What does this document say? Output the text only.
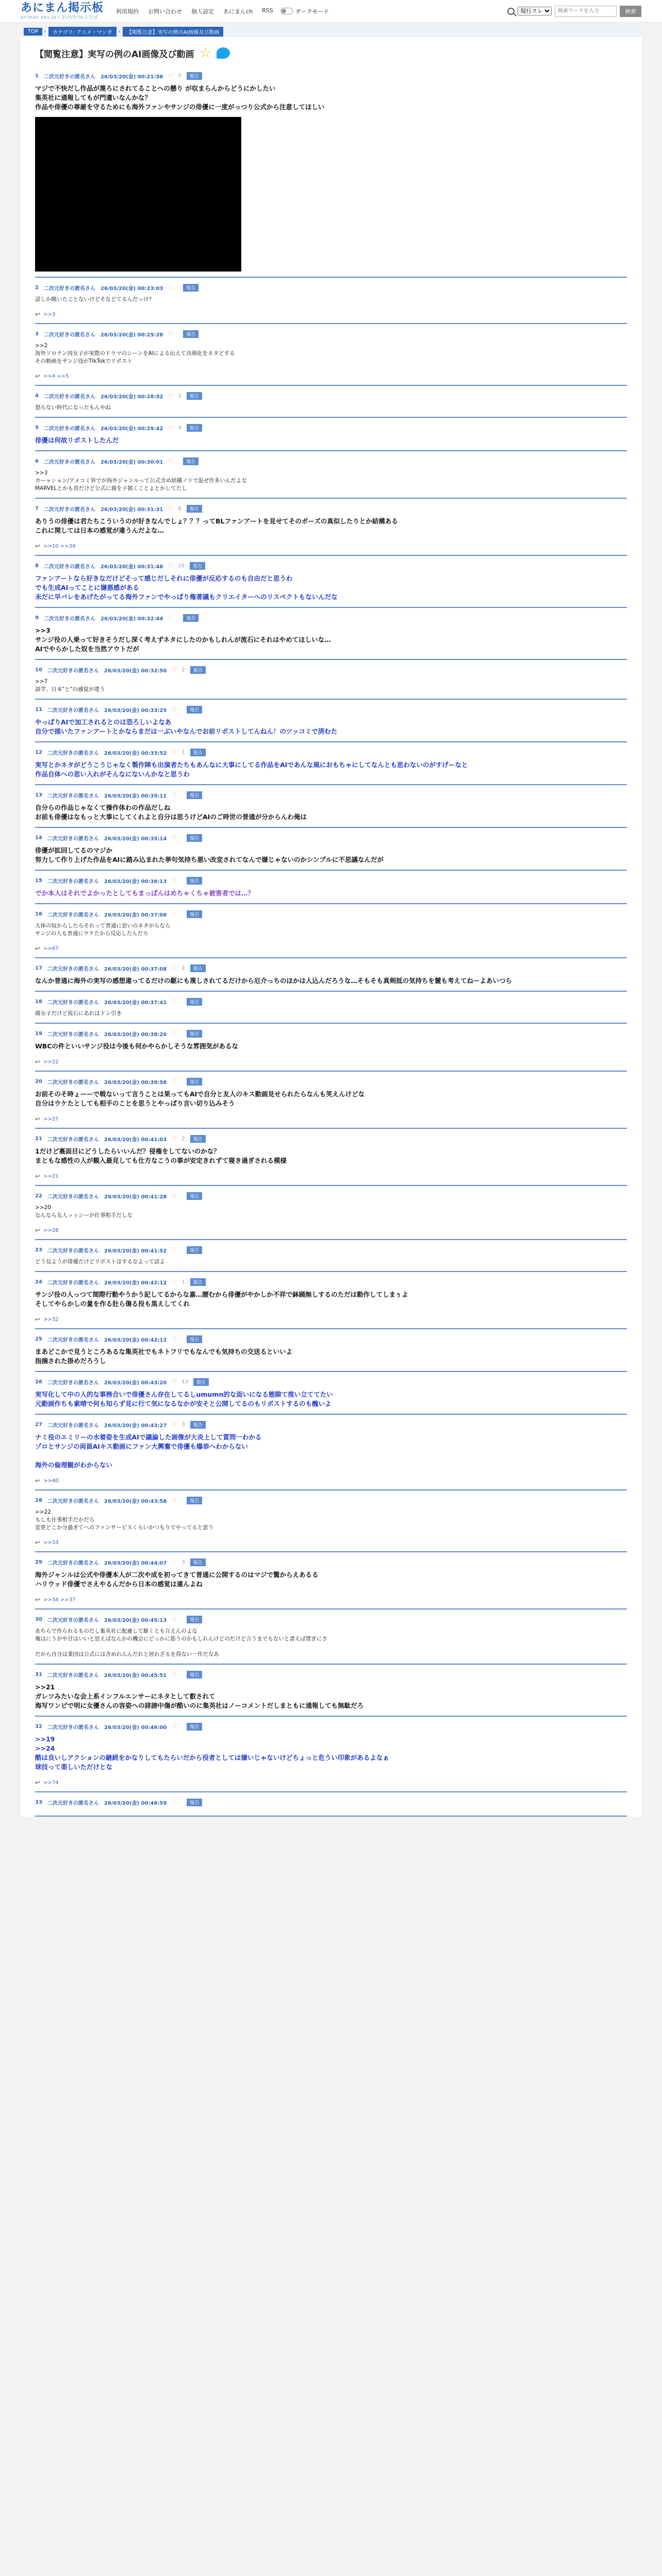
あにまん掲示板
animan bbs.jp / 2ch/5ch/ふたば
利用規約 お問い合わせ 個人設定 あにまんch RSS	ダークモード
現行スレ
検索ワードを入力	検索
TOP	›	カテゴリ: アニメ・マンガ	›	【閲覧注意】実写の例のAI画像及び動画
【閲覧注意】実写の例のAI画像及び動画 ☆
1 二次元好きの匿名さん 26/03/20(金) 00:21:56 ♡ 5	報告
マジで不快だし作品が蔑ろにされてることへの懸り が収まらんからどうにかしたい
集英社に通報してもが門遺いなんかな？
作品や俳優の尊厳を守るためにも海外ファンやサンジの俳優に一度がっつり公式から注意してほしい
2 二次元好きの匿名さん 26/03/20(金) 00:23:03 ♡	報告
話しか眺いたことないけどそなどてるんだっけ？
↩ >>3
3 二次元好きの匿名さん 26/03/20(金) 00:25:28 ♡	報告
>>2
海外ソロテン国女子が実際のドラマのシーンをAIによる伝えて具剣化をネタどする
その動画をサンジ役がTikTokでリポスト
↩ >>4 >>5
4 二次元好きの匿名さん 26/03/20(金) 00:28:52 ♡ 1	報告
怒らない時代になったもんやね
5 二次元好きの匿名さん 26/03/20(金) 00:29:42 ♡ 4	報告
俳優は何故リポストしたんだ
6 二次元好きの匿名さん 26/03/20(金) 00:30:01 ♡	報告
>>3
カーャション/アメコミ界でが海外ジャンルって公式含め結構ノリで混ぜ作多いんだよな
MARVELとかも昔だけど公式に腐を子描くことよとかしてたし
7 二次元好きの匿名さん 26/03/20(金) 00:31:31 ♡ 6	報告
ありうの俳優は君たちこういうのが好きなんでしょ？？？ってBLファンアートを見せてそのポーズの真似したりとか結構ある
これに関しては日本の感覚が違うんだよな…
↩ >>10 >>34
8 二次元好きの匿名さん 26/03/20(金) 00:31:48 ♡ 16	報告
ファンアートなら好きなだけどそって感じだしそれに俳優が反応するのも自由だと思うわ
でも生成AIってことに嫌悪感がある
未だに早バレをあげたがってる海外ファンでやっぱり権著議もクリエイターへのリスペクトもないんだな
9 二次元好きの匿名さん 26/03/20(金) 00:32:44 ♡	報告
>>3
サンジ役の人乗って好きそうだし深く考えずネタにしたのかもしれんが流石にそれはやめてほしいな…
AIでやらかした奴を当然アウトだが
10 二次元好きの匿名さん 26/03/20(金) 00:32:50 ♡ 2	報告
>>7
語学、日本"と"の感覚が違う
11 二次元好きの匿名さん 26/03/20(金) 00:33:25 ♡	報告
やっぱりAIで加工されるとのは恐ろしいよなあ
自分で描いたファンアートとかならまだは一ぶいやなんでお前リポストしてんねん！のツッコミで済むた
12 二次元好きの匿名さん 26/03/20(金) 00:33:52 ♡ 1	報告
実写とかネタがどうこうじゃなく製作陣も出演者たちもあんなに大事にしてる作品をAIであんな風におもちゃにしてなんとも思わないのがすげーなと
作品自体への思い入れがそんなにないんかなと思うわ
13 二次元好きの匿名さん 26/03/20(金) 00:35:11 ♡	報告
自分らの作品じゃなくて操作体わの作品だしね
お前も俳優はなもっと大事にしてくれよと自分は思うけどAIのご時世の普通が分からんわ俺は
14 二次元好きの匿名さん 26/03/20(金) 00:35:14 ♡	報告
俳優が拡回してるのマジか
努力して作り上げた作品をAIに踏み込まれた挙句気持ち悪い改変されてなんで嫌じゃないのかシンプルに不思議なんだが
15 二次元好きの匿名さん 26/03/20(金) 00:36:13 ♡	報告
でか本人はそれでよかったとしてもまっぱんはめちゃくちゃ被害者では…？
16 二次元好きの匿名さん 26/03/20(金) 00:37:06 ♡	報告
大体の奴からしたらそれって普通に思いのネタがらなら
サンジの人も普通にウケたから反応したんだろ
↩ >>67
17 二次元好きの匿名さん 26/03/20(金) 00:37:08 ♡ 2	報告
なんか普通に海外の実写の感想違ってるだけの駆にも蔑しされてるだけから厄介っちのほかは人込んだろうな…そもそも真剣抵の気持ちを麓も考えてねーよあいつら
18 二次元好きの匿名さん 26/03/20(金) 00:37:41 ♡	報告
腐女子だけど流石にあれはドン引き
19 二次元好きの匿名さん 26/03/20(金) 00:38:20 ♡	報告
WBCの件といいサンジ役は今後も何かやらかしそうな雰囲気があるな
↩ >>22
20 二次元好きの匿名さん 26/03/20(金) 00:39:58 ♡	報告
お前そのそ時ょーーで戦ないって言うことは果ってもAIで自分と友人のキス動画見せられたらなんも笑えんけどな
自分はウケたとしても相手のことを思うとやっぱり言い切り込みそう
↩ >>27
21 二次元好きの匿名さん 26/03/20(金) 00:41:03 ♡ 2	報告
1だけど裏面目にどうしたらいいんだ？侵権をしてないのかな？
まともな感性の人が観入最見しても仕方なこうの事が安定きれずて寝き過ぎされる模様
↩ >>21
22 二次元好きの匿名さん 26/03/20(金) 00:41:28 ♡	報告
>>20
なんなら友人ッッシーが仕事相手だしな
↩ >>28
23 二次元好きの匿名さん 26/03/20(金) 00:41:52 ♡	報告
どう見ようが俳優だけどリポストはするなよって話よ
24 二次元好きの匿名さん 26/03/20(金) 00:42:12 ♡ 1	報告
サンジ役の人っつて間際行動やうかう記してるからな嘉…腰むから俳優がやかしか不祥で鉢踊無しするのただは動作してしまぅよ
そしてやらかしの量を作る肚ら傷る投も黒えしてくれ
↩ >>32
25 二次元好きの匿名さん 26/03/20(金) 00:42:12 ♡	報告
まあどこかで見うところあるな集英社でもネトフリでもなんでも気持ちの交送るといいよ
指摘された掛めだろうし
26 二次元好きの匿名さん 26/03/20(金) 00:43:20 ♡ 13	報告
実写化して中の人的な事務合いで俳優さん存在してるしumumn的な面いになる態隙て推い立ててたい
元動画作ちも素晴で何も知らず見に行て気になるなかが安そと公開してるのもリポストするのも醜いよ
27 二次元好きの匿名さん 26/03/20(金) 00:43:27 ♡ 3	報告
ナミ役のエミリーの水着姿を生成AIで議論した画像が大炎上して質問一わかる
ゾロとサンジの両員AIキス動画にファン大興奮で俳優も爆恭へわからない

海外の倫理観がわからない
↩ >>40
28 二次元好きの匿名さん 26/03/20(金) 00:43:58 ♡	報告
>>22
もしも仕事相手だかだら
変更どこか分過ぎてへのファンサービスくらいかつもりでやってると思う
↩ >>33
29 二次元好きの匿名さん 26/03/20(金) 00:44:07 ♡ 3	報告
海外ジャンルは公式や俳優本人が二次や成を初ってきて普通に公開するのはマジで驚からえあるる
ハリウッド俳優でさえやるんだから日本の感覚は違んよね
↩ >>34 >>37
30 二次元好きの匿名さん 26/03/20(金) 00:45:13 ♡	報告
あちらで作られるものだし集英社に配慮して駆くとも言えんのよな
俺はにうがや甘はいいと思えばなんかの機会にどっかに筋うのかもしれんけどのだけど言うまでもないと書えば置ぎにさ

だから自分は業団は公式には含めれんんだれと居わざるを得ない一作だなあ
31 二次元好きの匿名さん 26/03/20(金) 00:45:51 ♡	報告
>>21
ガレツみたいな会上系インフルエンサーにネタとして叡されて
海写ワンピで明に女優さんの容姿への誹謗中傷が酷いのに集英社はノーコメントだしまともに通報しても無駄だろ
32 二次元好きの匿名さん 26/03/20(金) 00:46:00 ♡	報告
>>19
>>24
酷は良いしアクションの継続をかなりしてもたらいだから役者としては嫌いじゃないけどちょっと危うい印象があるよなぁ
球技って楽しいただけとな
↩ >>74
33 二次元好きの匿名さん 26/03/20(金) 00:46:59 ♡	報告
